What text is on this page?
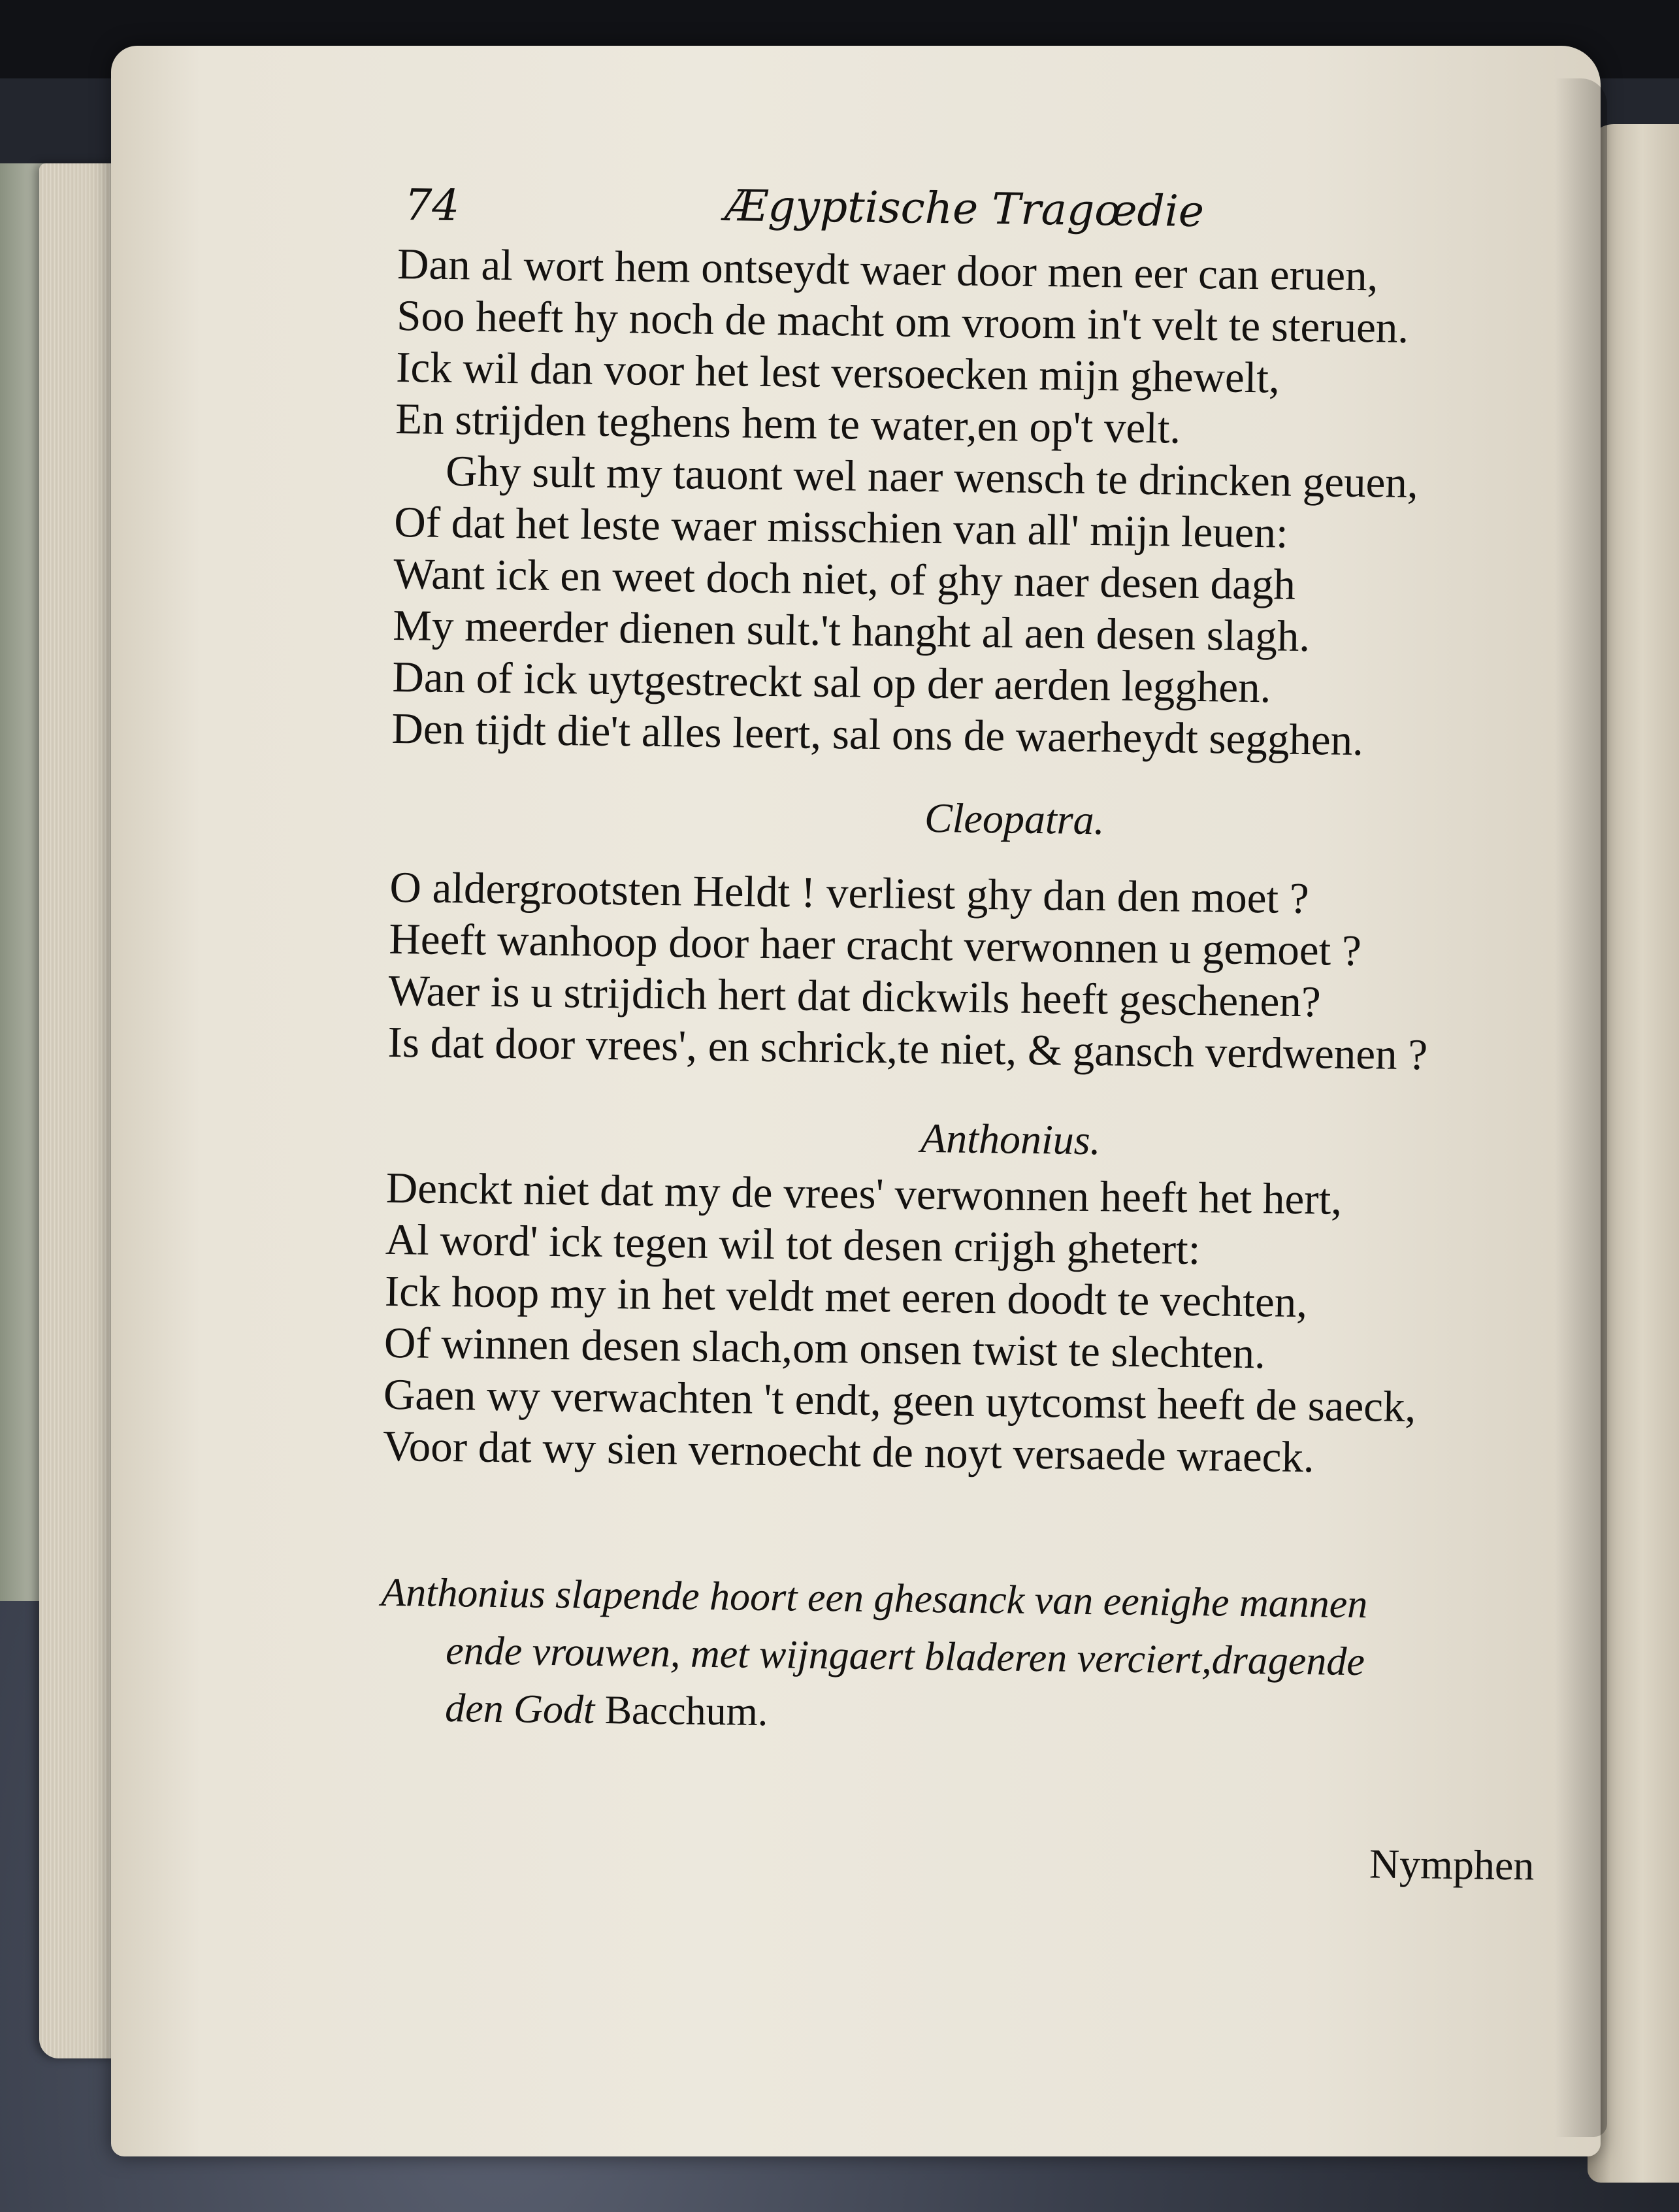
74	Ægyptische Tragœdie
Dan al wort hem ontseydt waer door men eer can eruen,
Soo heeft hy noch de macht om vroom in't velt te steruen.
Ick wil dan voor het lest versoecken mijn ghewelt,
En strijden teghens hem te water,en op't velt.
Ghy sult my tauont wel naer wensch te drincken geuen,
Of dat het leste waer misschien van all' mijn leuen:
Want ick en weet doch niet, of ghy naer desen dagh
My meerder dienen sult.'t hanght al aen desen slagh.
Dan of ick uytgestreckt sal op der aerden legghen.
Den tijdt die't alles leert, sal ons de waerheydt segghen.
Cleopatra.
O aldergrootsten Heldt ! verliest ghy dan den moet ?
Heeft wanhoop door haer cracht verwonnen u gemoet ?
Waer is u strijdich hert dat dickwils heeft geschenen?
Is dat door vrees', en schrick,te niet, & gansch verdwenen ?
Anthonius.
Denckt niet dat my de vrees' verwonnen heeft het hert,
Al word' ick tegen wil tot desen crijgh ghetert:
Ick hoop my in het veldt met eeren doodt te vechten,
Of winnen desen slach,om onsen twist te slechten.
Gaen wy verwachten 't endt, geen uytcomst heeft de saeck,
Voor dat wy sien vernoecht de noyt versaede wraeck.
Anthonius slapende hoort een ghesanck van eenighe mannen
ende vrouwen, met wijngaert bladeren verciert,dragende
den Godt Bacchum.
Nymphen
